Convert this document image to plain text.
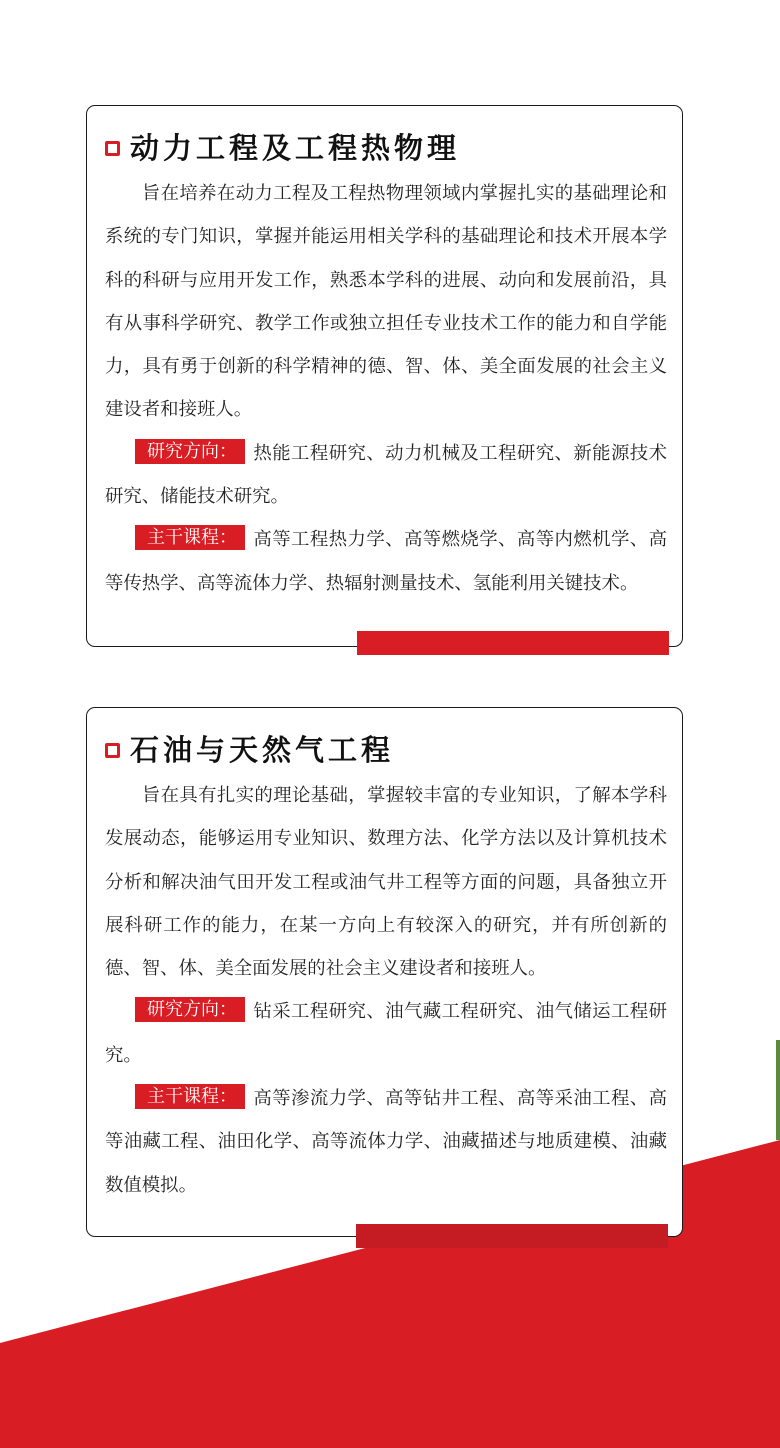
动力工程及工程热物理

旨在培养在动力工程及工程热物理领域内掌握扎实的基础理论和系统的专门知识，掌握并能运用相关学科的基础理论和技术开展本学科的科研与应用开发工作，熟悉本学科的进展、动向和发展前沿，具有从事科学研究、教学工作或独立担任专业技术工作的能力和自学能力，具有勇于创新的科学精神的德、智、体、美全面发展的社会主义建设者和接班人。

研究方向： 热能工程研究、动力机械及工程研究、新能源技术研究、储能技术研究。

主干课程： 高等工程热力学、高等燃烧学、高等内燃机学、高等传热学、高等流体力学、热辐射测量技术、氢能利用关键技术。

石油与天然气工程

旨在具有扎实的理论基础，掌握较丰富的专业知识，了解本学科发展动态，能够运用专业知识、数理方法、化学方法以及计算机技术分析和解决油气田开发工程或油气井工程等方面的问题，具备独立开展科研工作的能力，在某一方向上有较深入的研究，并有所创新的德、智、体、美全面发展的社会主义建设者和接班人。

研究方向： 钻采工程研究、油气藏工程研究、油气储运工程研究。

主干课程： 高等渗流力学、高等钻井工程、高等采油工程、高等油藏工程、油田化学、高等流体力学、油藏描述与地质建模、油藏数值模拟。
